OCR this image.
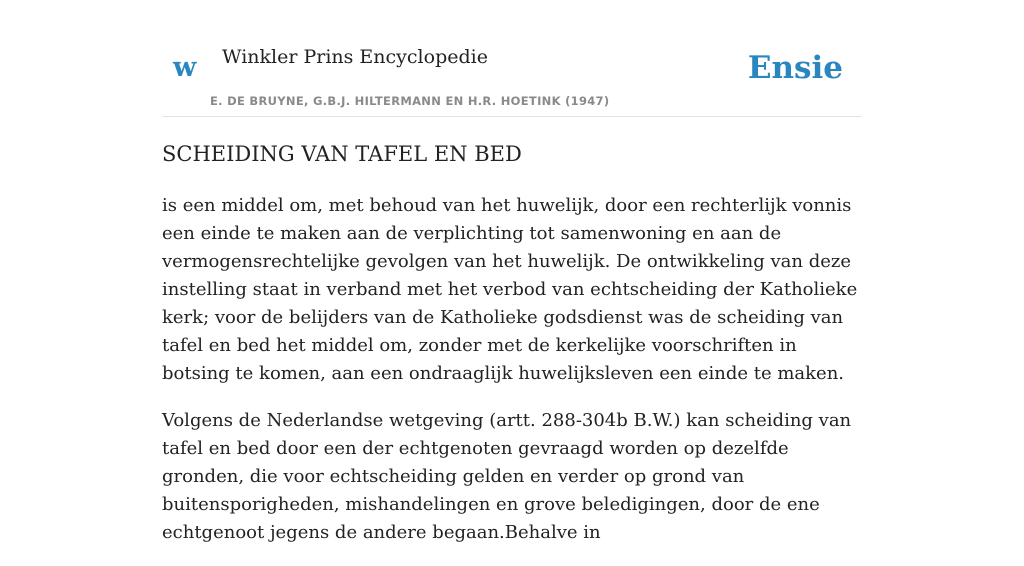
w Winkler Prins Encyclopedie
E. DE BRUYNE, G.B.J. HILTERMANN EN H.R. HOETINK (1947)
Ensie
SCHEIDING VAN TAFEL EN BED

is een middel om, met behoud van het huwelijk, door een rechterlijk vonnis een einde te maken aan de verplichting tot samenwoning en aan de vermogensrechtelijke gevolgen van het huwelijk. De ontwikkeling van deze instelling staat in verband met het verbod van echtscheiding der Katholieke kerk; voor de belijders van de Katholieke godsdienst was de scheiding van tafel en bed het middel om, zonder met de kerkelijke voorschriften in botsing te komen, aan een ondraaglijk huwelijksleven een einde te maken.

Volgens de Nederlandse wetgeving (artt. 288-304b B.W.) kan scheiding van tafel en bed door een der echtgenoten gevraagd worden op dezelfde gronden, die voor echtscheiding gelden en verder op grond van buitensporigheden, mishandelingen en grove beledigingen, door de ene echtgenoot jegens de andere begaan.Behalve in
